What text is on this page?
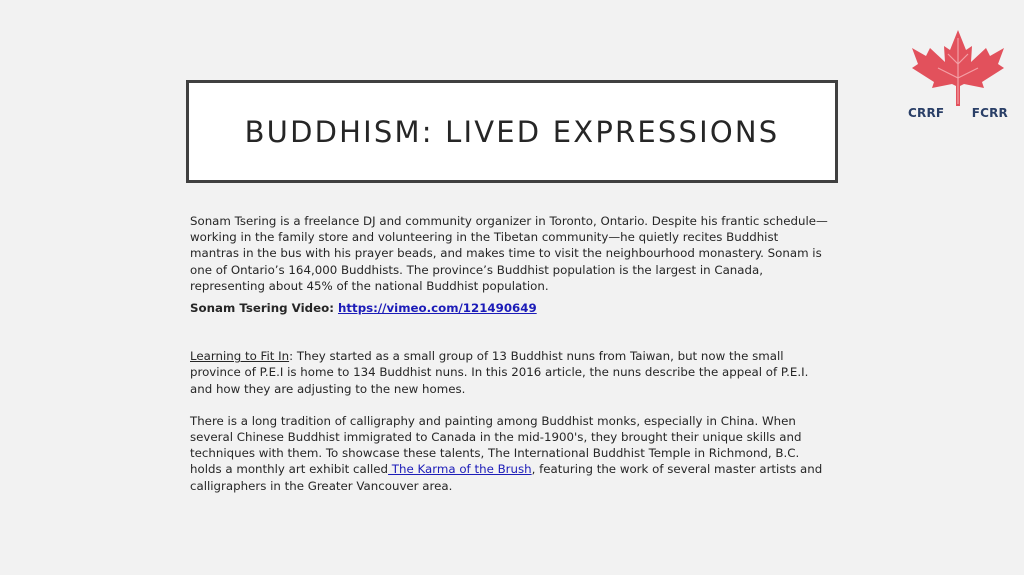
CRRF FCRR
BUDDHISM: LIVED EXPRESSIONS

Sonam Tsering is a freelance DJ and community organizer in Toronto, Ontario. Despite his frantic schedule—working in the family store and volunteering in the Tibetan community—he quietly recites Buddhist mantras in the bus with his prayer beads, and makes time to visit the neighbourhood monastery. Sonam is one of Ontario’s 164,000 Buddhists. The province’s Buddhist population is the largest in Canada, representing about 45% of the national Buddhist population.

Sonam Tsering Video: https://vimeo.com/121490649

Learning to Fit In: They started as a small group of 13 Buddhist nuns from Taiwan, but now the small province of P.E.I is home to 134 Buddhist nuns. In this 2016 article, the nuns describe the appeal of P.E.I. and how they are adjusting to the new homes.

There is a long tradition of calligraphy and painting among Buddhist monks, especially in China. When several Chinese Buddhist immigrated to Canada in the mid-1900's, they brought their unique skills and techniques with them. To showcase these talents, The International Buddhist Temple in Richmond, B.C. holds a monthly art exhibit called The Karma of the Brush, featuring the work of several master artists and calligraphers in the Greater Vancouver area.
